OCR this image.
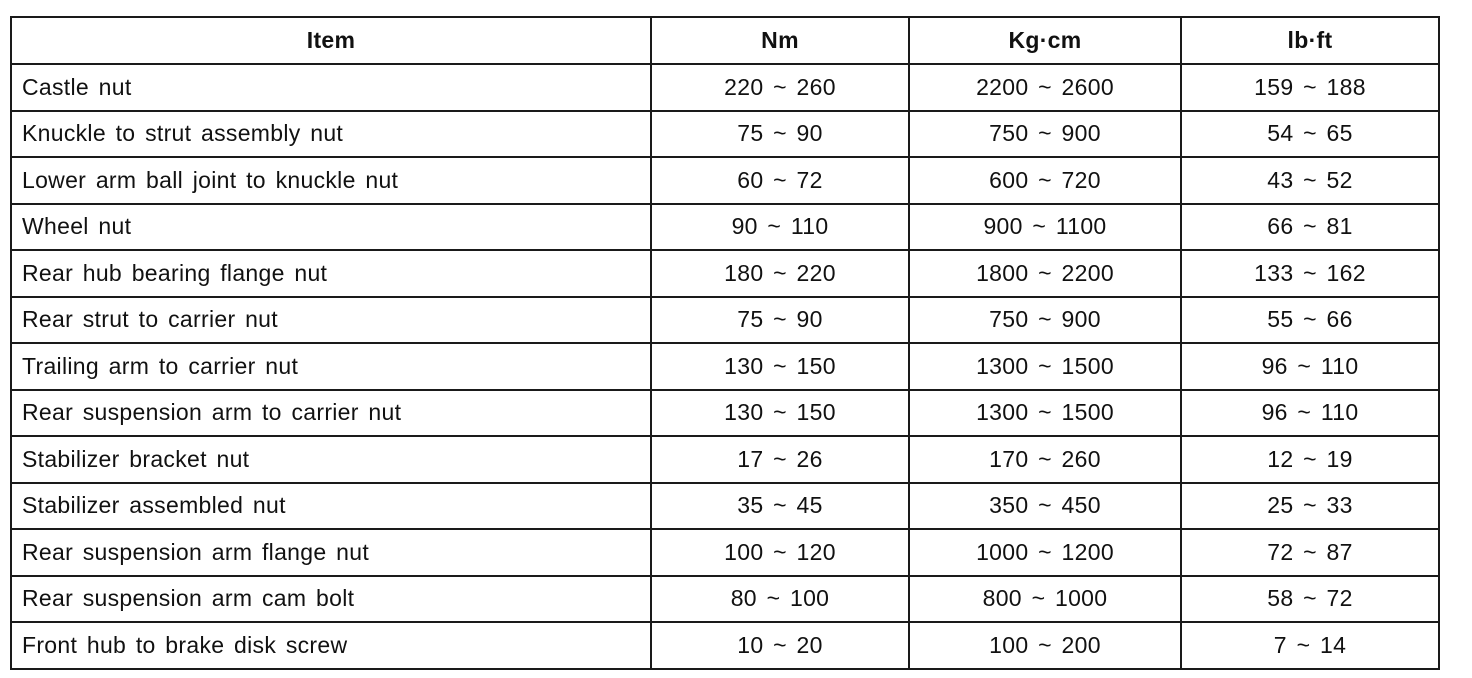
Item	Nm	Kg·cm	lb·ft
Castle nut	220 ~ 260	2200 ~ 2600	159 ~ 188
Knuckle to strut assembly nut	75 ~ 90	750 ~ 900	54 ~ 65
Lower arm ball joint to knuckle nut	60 ~ 72	600 ~ 720	43 ~ 52
Wheel nut	90 ~ 110	900 ~ 1100	66 ~ 81
Rear hub bearing flange nut	180 ~ 220	1800 ~ 2200	133 ~ 162
Rear strut to carrier nut	75 ~ 90	750 ~ 900	55 ~ 66
Trailing arm to carrier nut	130 ~ 150	1300 ~ 1500	96 ~ 110
Rear suspension arm to carrier nut	130 ~ 150	1300 ~ 1500	96 ~ 110
Stabilizer bracket nut	17 ~ 26	170 ~ 260	12 ~ 19
Stabilizer assembled nut	35 ~ 45	350 ~ 450	25 ~ 33
Rear suspension arm flange nut	100 ~ 120	1000 ~ 1200	72 ~ 87
Rear suspension arm cam bolt	80 ~ 100	800 ~ 1000	58 ~ 72
Front hub to brake disk screw	10 ~ 20	100 ~ 200	7 ~ 14
